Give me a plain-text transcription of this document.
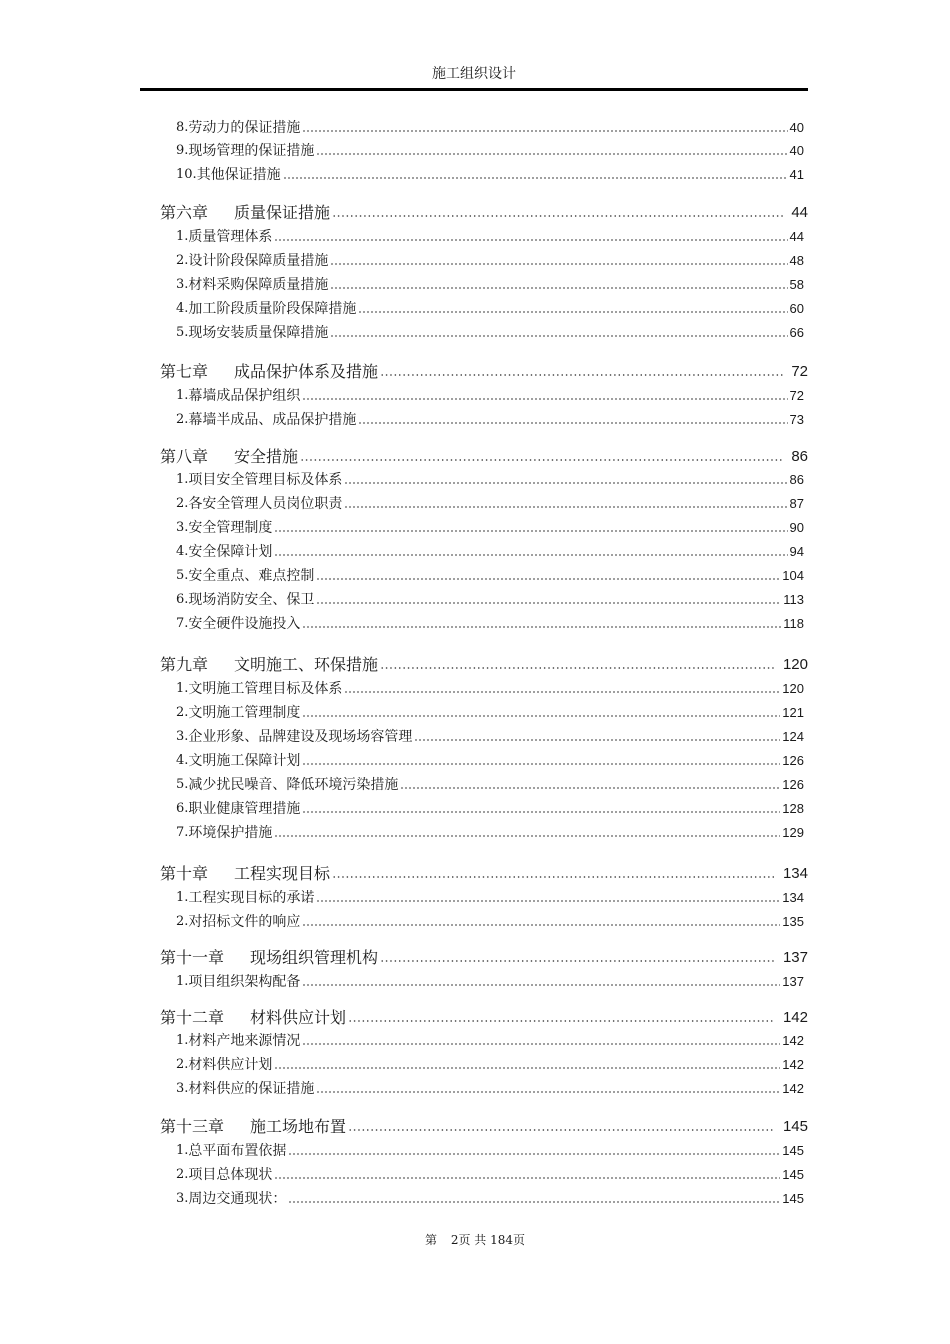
施工组织设计
8. 劳动力的保证措施	40
9. 现场管理的保证措施	40
10. 其他保证措施	41
第六章 质量保证措施	44
1. 质量管理体系	44
2. 设计阶段保障质量措施	48
3. 材料采购保障质量措施	58
4. 加工阶段质量阶段保障措施	60
5. 现场安装质量保障措施	66
第七章 成品保护体系及措施	72
1. 幕墙成品保护组织	72
2. 幕墙半成品、成品保护措施	73
第八章 安全措施	86
1. 项目安全管理目标及体系	86
2. 各安全管理人员岗位职责	87
3. 安全管理制度	90
4. 安全保障计划	94
5. 安全重点、难点控制	104
6. 现场消防安全、保卫	113
7. 安全硬件设施投入	118
第九章 文明施工、环保措施	120
1. 文明施工管理目标及体系	120
2. 文明施工管理制度	121
3. 企业形象、品牌建设及现场场容管理	124
4. 文明施工保障计划	126
5. 减少扰民噪音、降低环境污染措施	126
6. 职业健康管理措施	128
7. 环境保护措施	129
第十章 工程实现目标	134
1. 工程实现目标的承诺	134
2. 对招标文件的响应	135
第十一章 现场组织管理机构	137
1. 项目组织架构配备	137
第十二章 材料供应计划	142
1. 材料产地来源情况	142
2. 材料供应计划	142
3. 材料供应的保证措施	142
第十三章 施工场地布置	145
1. 总平面布置依据	145
2. 项目总体现状	145
3. 周边交通现状：	145
第 2页 共 184页
